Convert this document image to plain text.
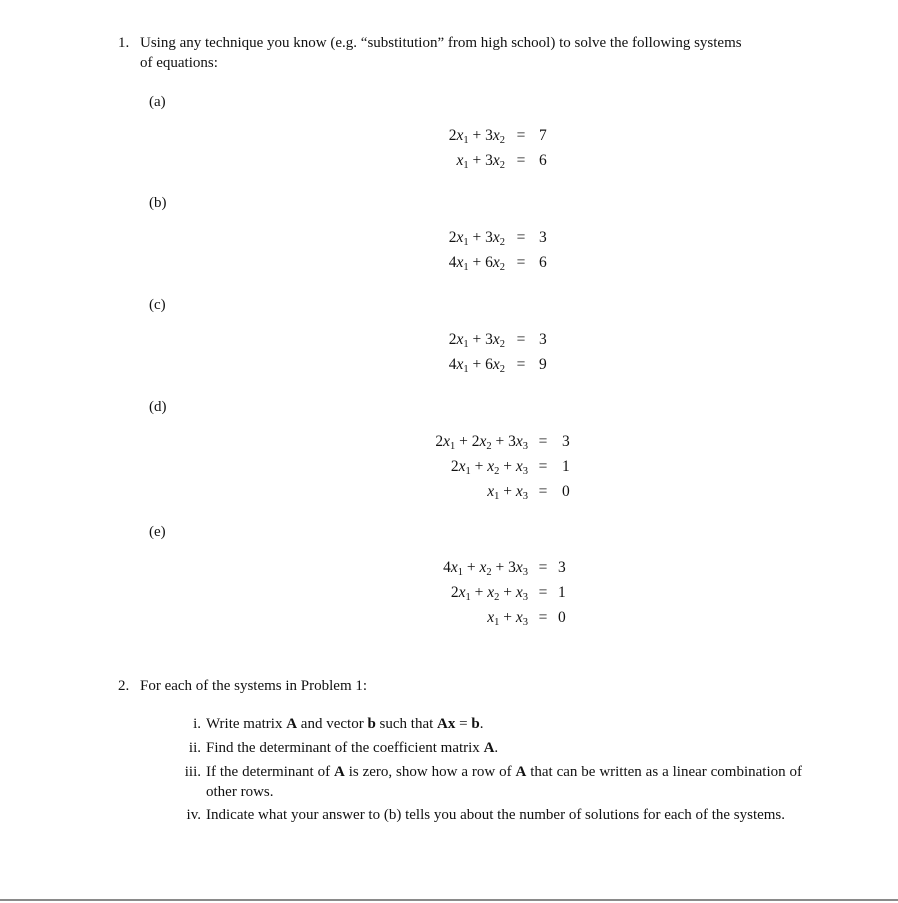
1. Using any technique you know (e.g. “substitution” from high school) to solve the following systems
of equations:
(a)
$2x_1 + 3x_2 = 7$
$x_1 + 3x_2 = 6$
(b)
$2x_1 + 3x_2 = 3$
$4x_1 + 6x_2 = 6$
(c)
$2x_1 + 3x_2 = 3$
$4x_1 + 6x_2 = 9$
(d)
$2x_1 + 2x_2 + 3x_3 = 3$
$2x_1 + x_2 + x_3 = 1$
$x_1 + x_3 = 0$
(e)
$4x_1 + x_2 + 3x_3 = 3$
$2x_1 + x_2 + x_3 = 1$
$x_1 + x_3 = 0$
2. For each of the systems in Problem 1:
i. Write matrix A and vector b such that Ax = b.
ii. Find the determinant of the coefficient matrix A.
iii. If the determinant of A is zero, show how a row of A that can be written as a linear combination of other rows.
iv. Indicate what your answer to (b) tells you about the number of solutions for each of the systems.
